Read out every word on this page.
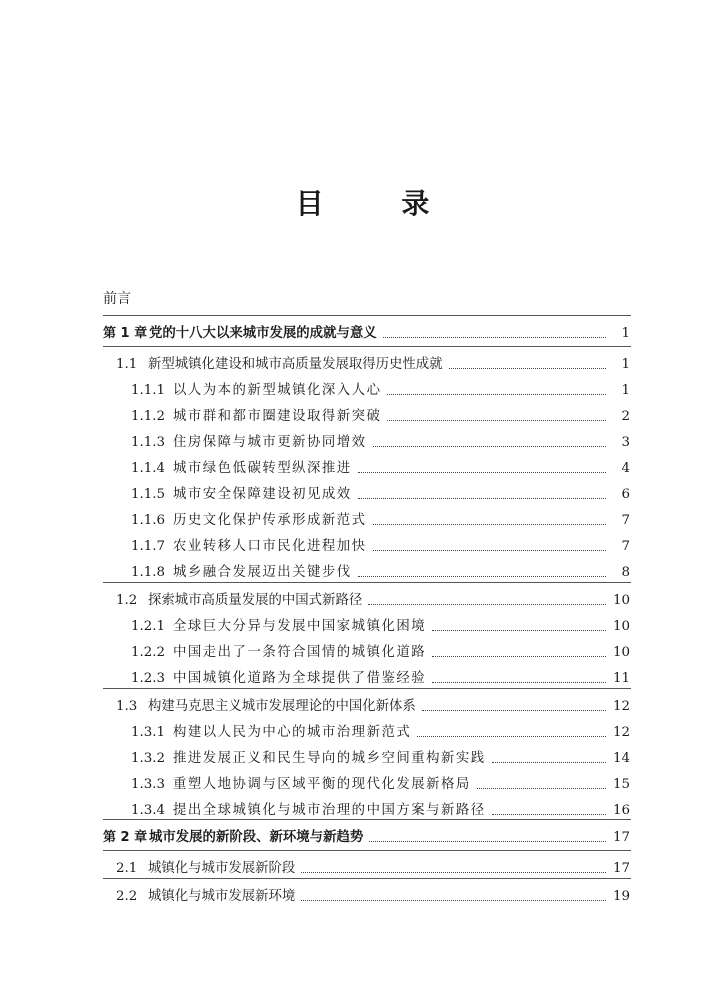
目 录
前言
第 1 章 党的十八大以来城市发展的成就与意义	1
1.1 新型城镇化建设和城市高质量发展取得历史性成就	1
1.1.1 以人为本的新型城镇化深入人心	1
1.1.2 城市群和都市圈建设取得新突破	2
1.1.3 住房保障与城市更新协同增效	3
1.1.4 城市绿色低碳转型纵深推进	4
1.1.5 城市安全保障建设初见成效	6
1.1.6 历史文化保护传承形成新范式	7
1.1.7 农业转移人口市民化进程加快	7
1.1.8 城乡融合发展迈出关键步伐	8
1.2 探索城市高质量发展的中国式新路径	10
1.2.1 全球巨大分异与发展中国家城镇化困境	10
1.2.2 中国走出了一条符合国情的城镇化道路	10
1.2.3 中国城镇化道路为全球提供了借鉴经验	11
1.3 构建马克思主义城市发展理论的中国化新体系	12
1.3.1 构建以人民为中心的城市治理新范式	12
1.3.2 推进发展正义和民生导向的城乡空间重构新实践	14
1.3.3 重塑人地协调与区域平衡的现代化发展新格局	15
1.3.4 提出全球城镇化与城市治理的中国方案与新路径	16
第 2 章 城市发展的新阶段、新环境与新趋势	17
2.1 城镇化与城市发展新阶段	17
2.2 城镇化与城市发展新环境	19
